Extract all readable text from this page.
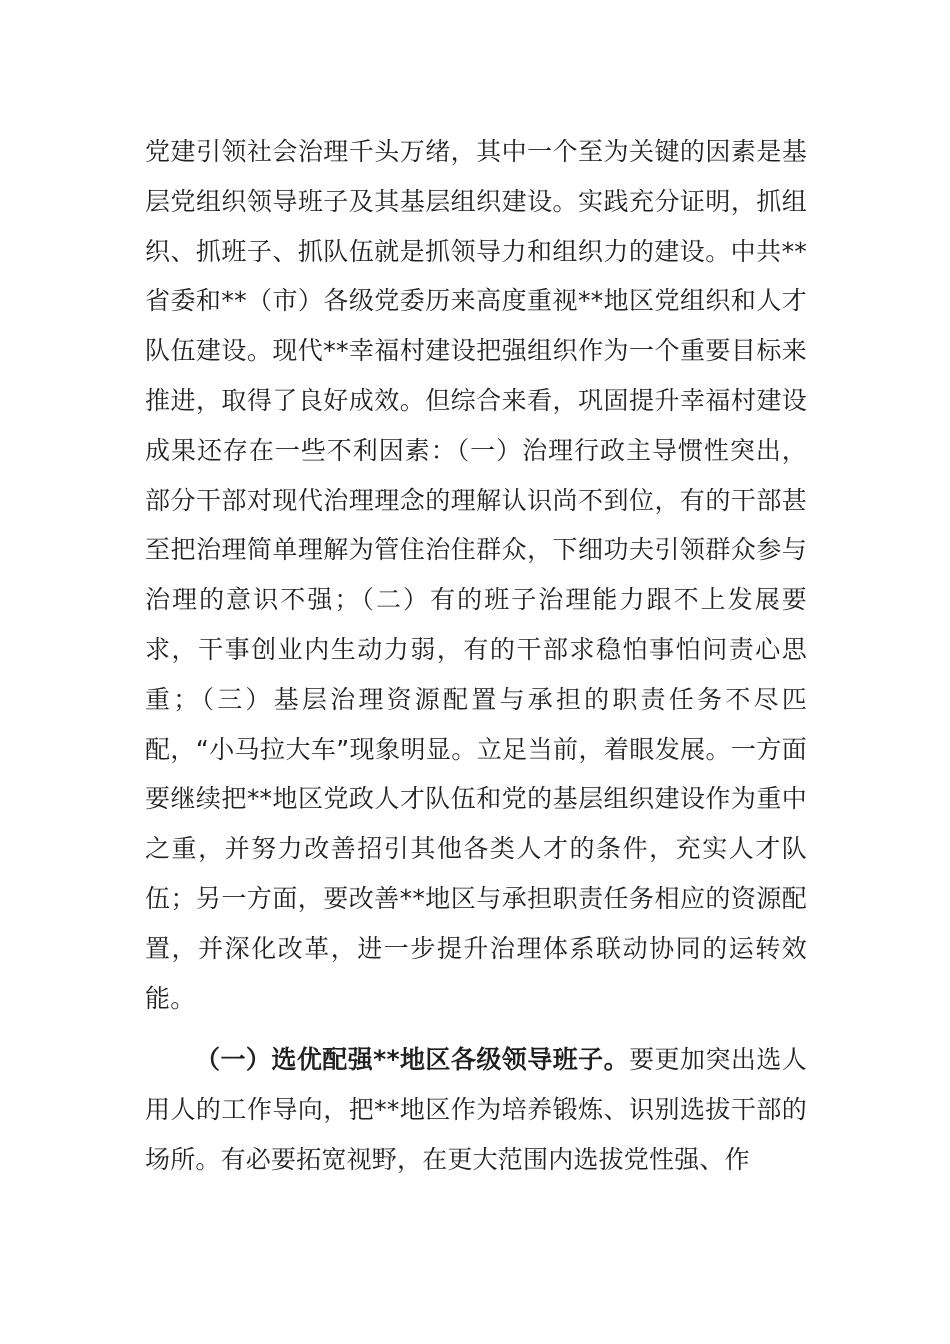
党建引领社会治理千头万绪，其中一个至为关键的因素是基层党组织领导班子及其基层组织建设。实践充分证明，抓组织、抓班子、抓队伍就是抓领导力和组织力的建设。中共**省委和**（市）各级党委历来高度重视**地区党组织和人才队伍建设。现代**幸福村建设把强组织作为一个重要目标来推进，取得了良好成效。但综合来看，巩固提升幸福村建设成果还存在一些不利因素：（一）治理行政主导惯性突出，部分干部对现代治理理念的理解认识尚不到位，有的干部甚至把治理简单理解为管住治住群众，下细功夫引领群众参与治理的意识不强；（二）有的班子治理能力跟不上发展要求，干事创业内生动力弱，有的干部求稳怕事怕问责心思重；（三）基层治理资源配置与承担的职责任务不尽匹配，“小马拉大车”现象明显。立足当前，着眼发展。一方面要继续把**地区党政人才队伍和党的基层组织建设作为重中之重，并努力改善招引其他各类人才的条件，充实人才队伍；另一方面，要改善**地区与承担职责任务相应的资源配置，并深化改革，进一步提升治理体系联动协同的运转效能。
（一）选优配强**地区各级领导班子。要更加突出选人用人的工作导向，把**地区作为培养锻炼、识别选拔干部的场所。有必要拓宽视野，在更大范围内选拔党性强、作
